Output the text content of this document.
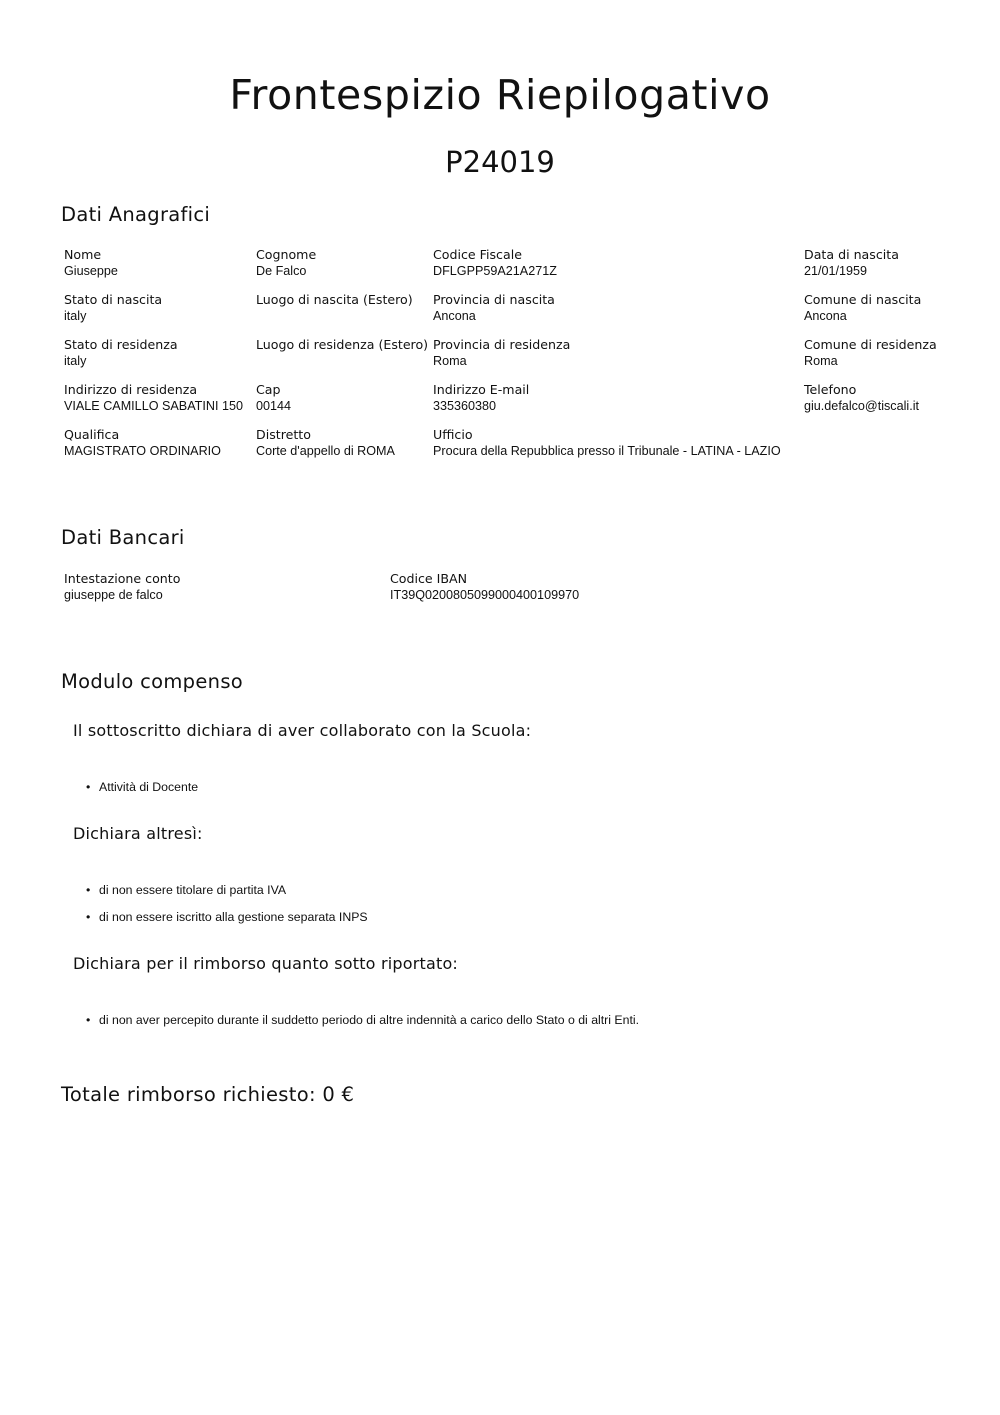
Frontespizio Riepilogativo
P24019
Dati Anagrafici
Nome
Giuseppe
Cognome
De Falco
Codice Fiscale
DFLGPP59A21A271Z
Data di nascita
21/01/1959
Stato di nascita
italy
Luogo di nascita (Estero) Provincia di nascita
Ancona
Comune di nascita
Ancona
Stato di residenza
italy
Luogo di residenza (Estero) Provincia di residenza
Roma
Comune di residenza
Roma
Indirizzo di residenza
VIALE CAMILLO SABATINI 150
Cap
00144
Indirizzo E-mail
335360380
Telefono
giu.defalco@tiscali.it
Qualifica
MAGISTRATO ORDINARIO
Distretto
Corte d'appello di ROMA
Ufficio
Procura della Repubblica presso il Tribunale - LATINA - LAZIO
Dati Bancari
Intestazione conto
giuseppe de falco
Codice IBAN
IT39Q0200805099000400109970
Modulo compenso
Il sottoscritto dichiara di aver collaborato con la Scuola:
• Attività di Docente
Dichiara altresì:
• di non essere titolare di partita IVA
• di non essere iscritto alla gestione separata INPS
Dichiara per il rimborso quanto sotto riportato:
• di non aver percepito durante il suddetto periodo di altre indennità a carico dello Stato o di altri Enti.
Totale rimborso richiesto: 0 €
